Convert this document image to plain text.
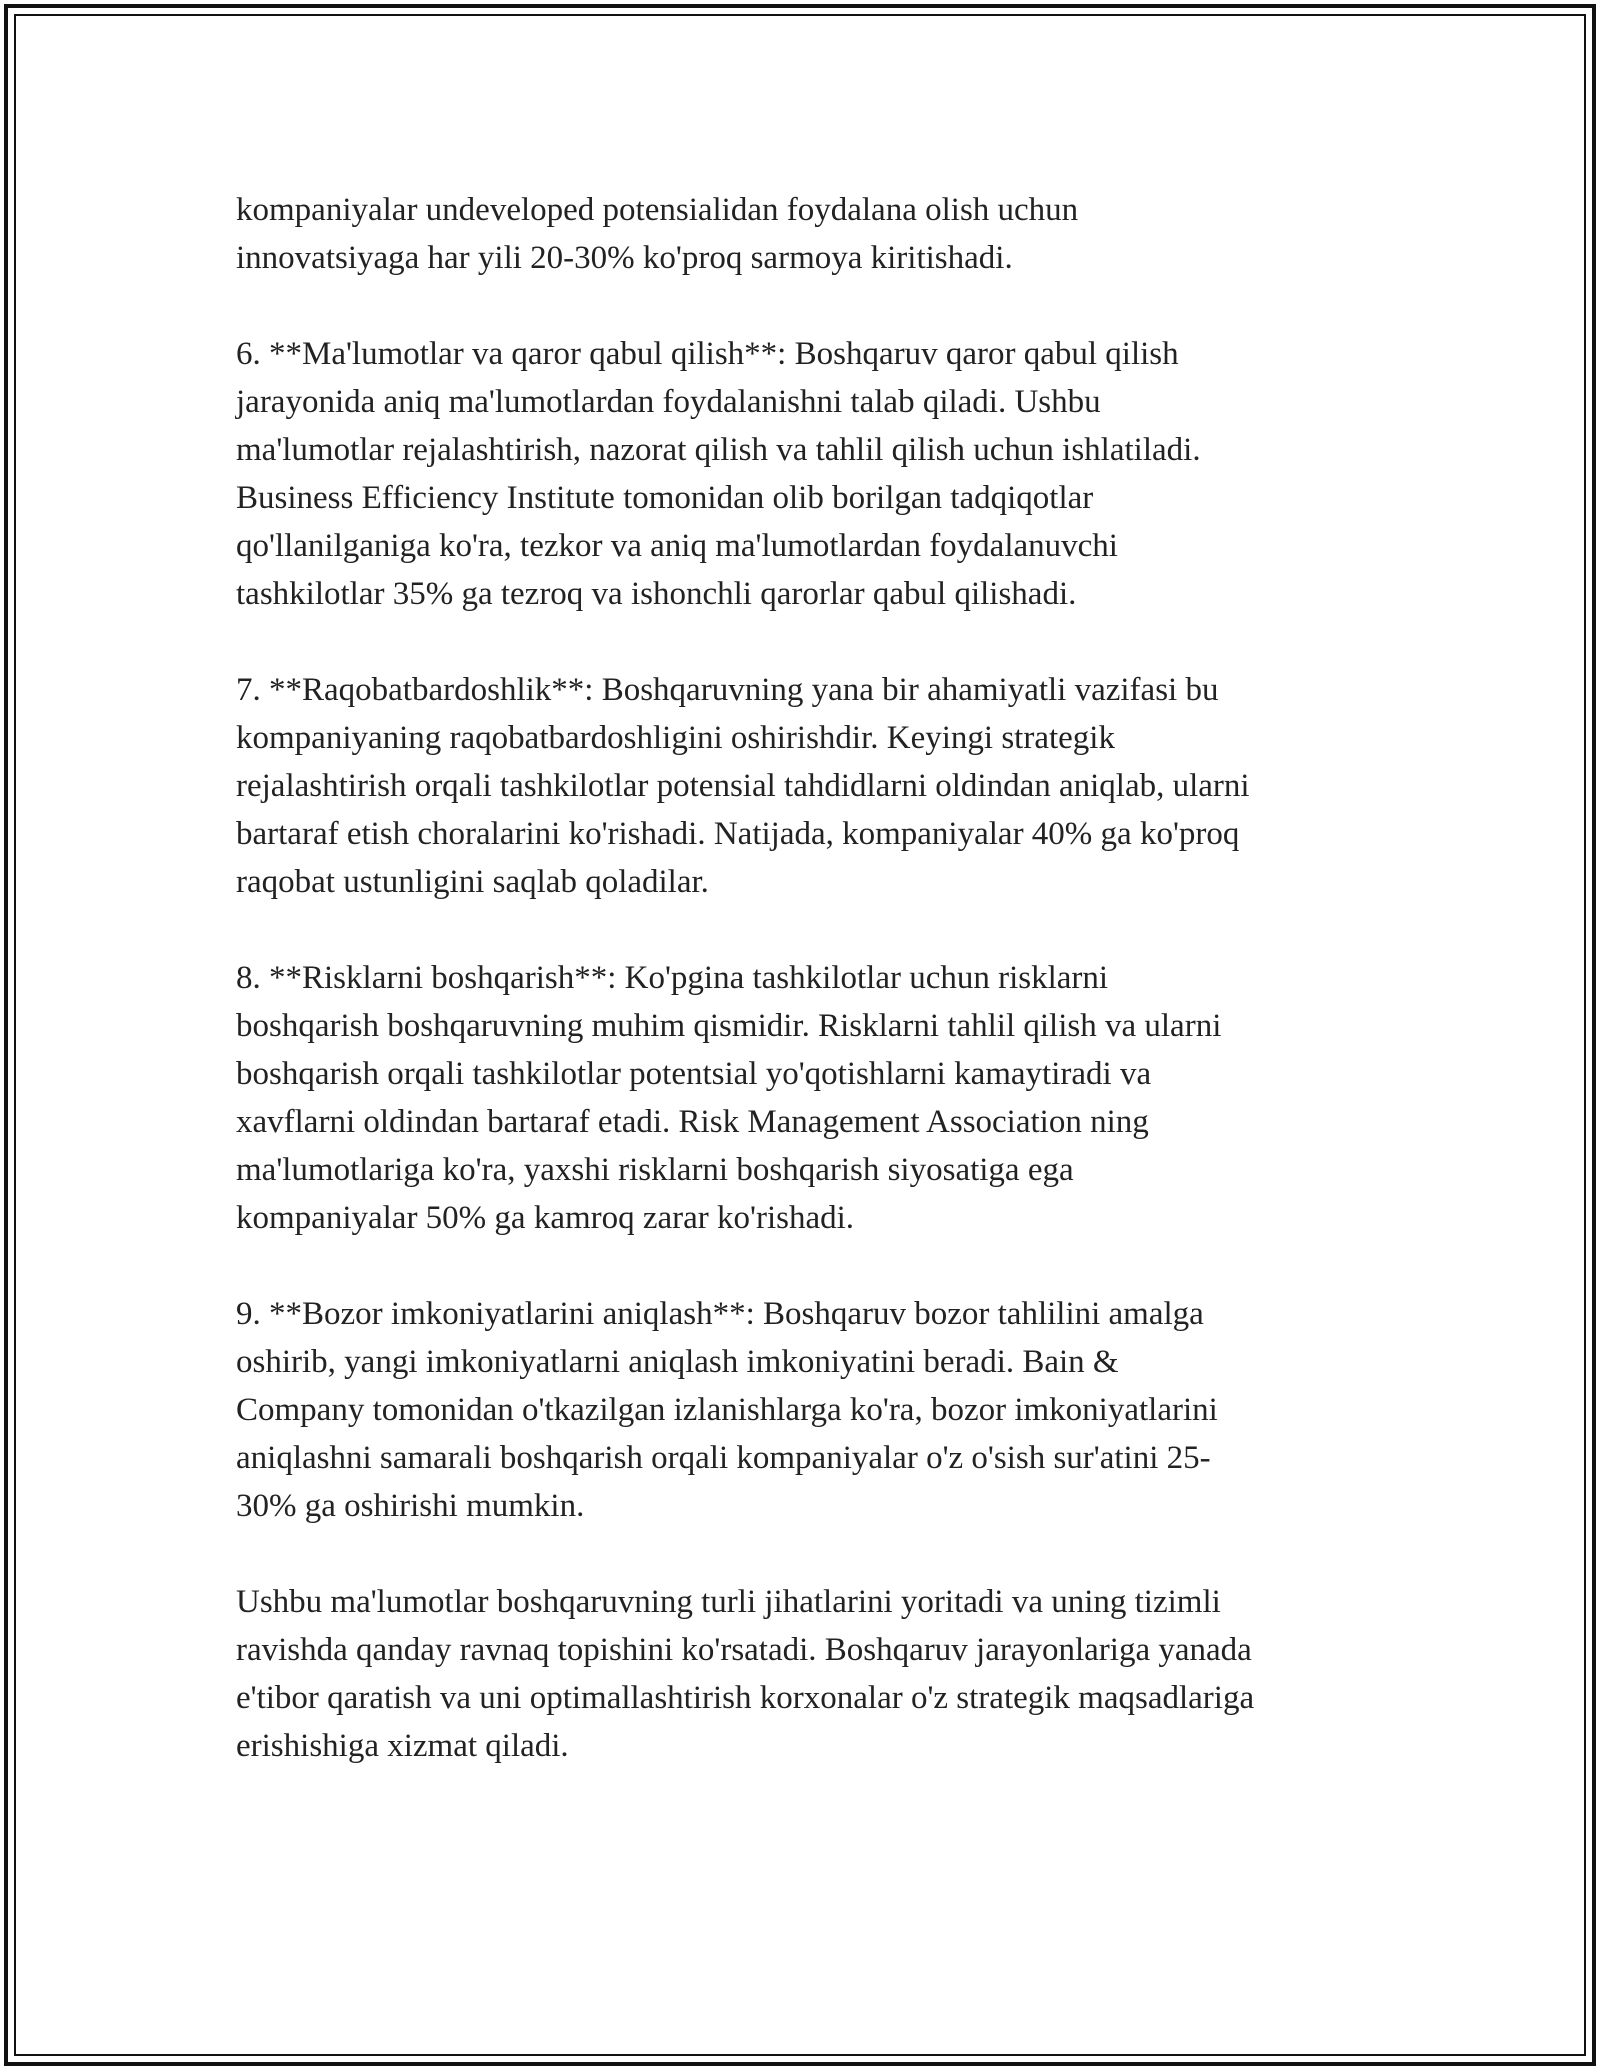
kompaniyalar undeveloped potensialidan foydalana olish uchun
innovatsiyaga har yili 20-30% ko'proq sarmoya kiritishadi.

6. **Ma'lumotlar va qaror qabul qilish**: Boshqaruv qaror qabul qilish
jarayonida aniq ma'lumotlardan foydalanishni talab qiladi. Ushbu
ma'lumotlar rejalashtirish, nazorat qilish va tahlil qilish uchun ishlatiladi.
Business Efficiency Institute tomonidan olib borilgan tadqiqotlar
qo'llanilganiga ko'ra, tezkor va aniq ma'lumotlardan foydalanuvchi
tashkilotlar 35% ga tezroq va ishonchli qarorlar qabul qilishadi.

7. **Raqobatbardoshlik**: Boshqaruvning yana bir ahamiyatli vazifasi bu
kompaniyaning raqobatbardoshligini oshirishdir. Keyingi strategik
rejalashtirish orqali tashkilotlar potensial tahdidlarni oldindan aniqlab, ularni
bartaraf etish choralarini ko'rishadi. Natijada, kompaniyalar 40% ga ko'proq
raqobat ustunligini saqlab qoladilar.

8. **Risklarni boshqarish**: Ko'pgina tashkilotlar uchun risklarni
boshqarish boshqaruvning muhim qismidir. Risklarni tahlil qilish va ularni
boshqarish orqali tashkilotlar potentsial yo'qotishlarni kamaytiradi va
xavflarni oldindan bartaraf etadi. Risk Management Association ning
ma'lumotlariga ko'ra, yaxshi risklarni boshqarish siyosatiga ega
kompaniyalar 50% ga kamroq zarar ko'rishadi.

9. **Bozor imkoniyatlarini aniqlash**: Boshqaruv bozor tahlilini amalga
oshirib, yangi imkoniyatlarni aniqlash imkoniyatini beradi. Bain &
Company tomonidan o'tkazilgan izlanishlarga ko'ra, bozor imkoniyatlarini
aniqlashni samarali boshqarish orqali kompaniyalar o'z o'sish sur'atini 25-
30% ga oshirishi mumkin.

Ushbu ma'lumotlar boshqaruvning turli jihatlarini yoritadi va uning tizimli
ravishda qanday ravnaq topishini ko'rsatadi. Boshqaruv jarayonlariga yanada
e'tibor qaratish va uni optimallashtirish korxonalar o'z strategik maqsadlariga
erishishiga xizmat qiladi.
